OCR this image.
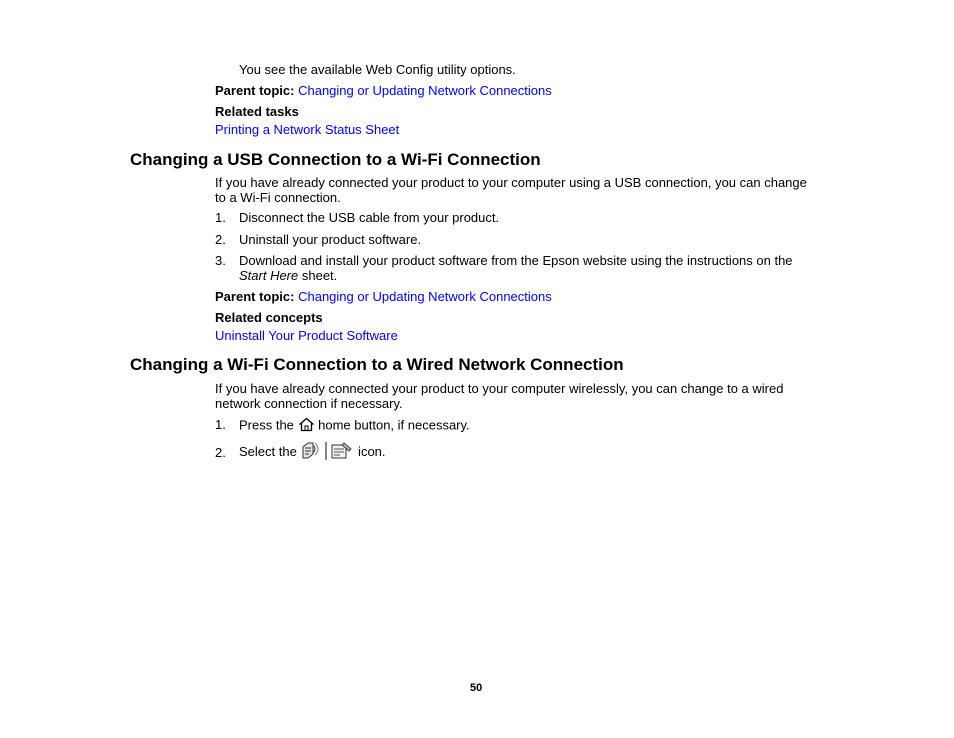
You see the available Web Config utility options.
Parent topic: Changing or Updating Network Connections
Related tasks
Printing a Network Status Sheet
Changing a USB Connection to a Wi-Fi Connection
If you have already connected your product to your computer using a USB connection, you can change
to a Wi-Fi connection.
1. Disconnect the USB cable from your product.
2. Uninstall your product software.
3. Download and install your product software from the Epson website using the instructions on the
Start Here sheet.
Parent topic: Changing or Updating Network Connections
Related concepts
Uninstall Your Product Software
Changing a Wi-Fi Connection to a Wired Network Connection
If you have already connected your product to your computer wirelessly, you can change to a wired
network connection if necessary.
1. Press the  home button, if necessary.
2. Select the	icon.
50
